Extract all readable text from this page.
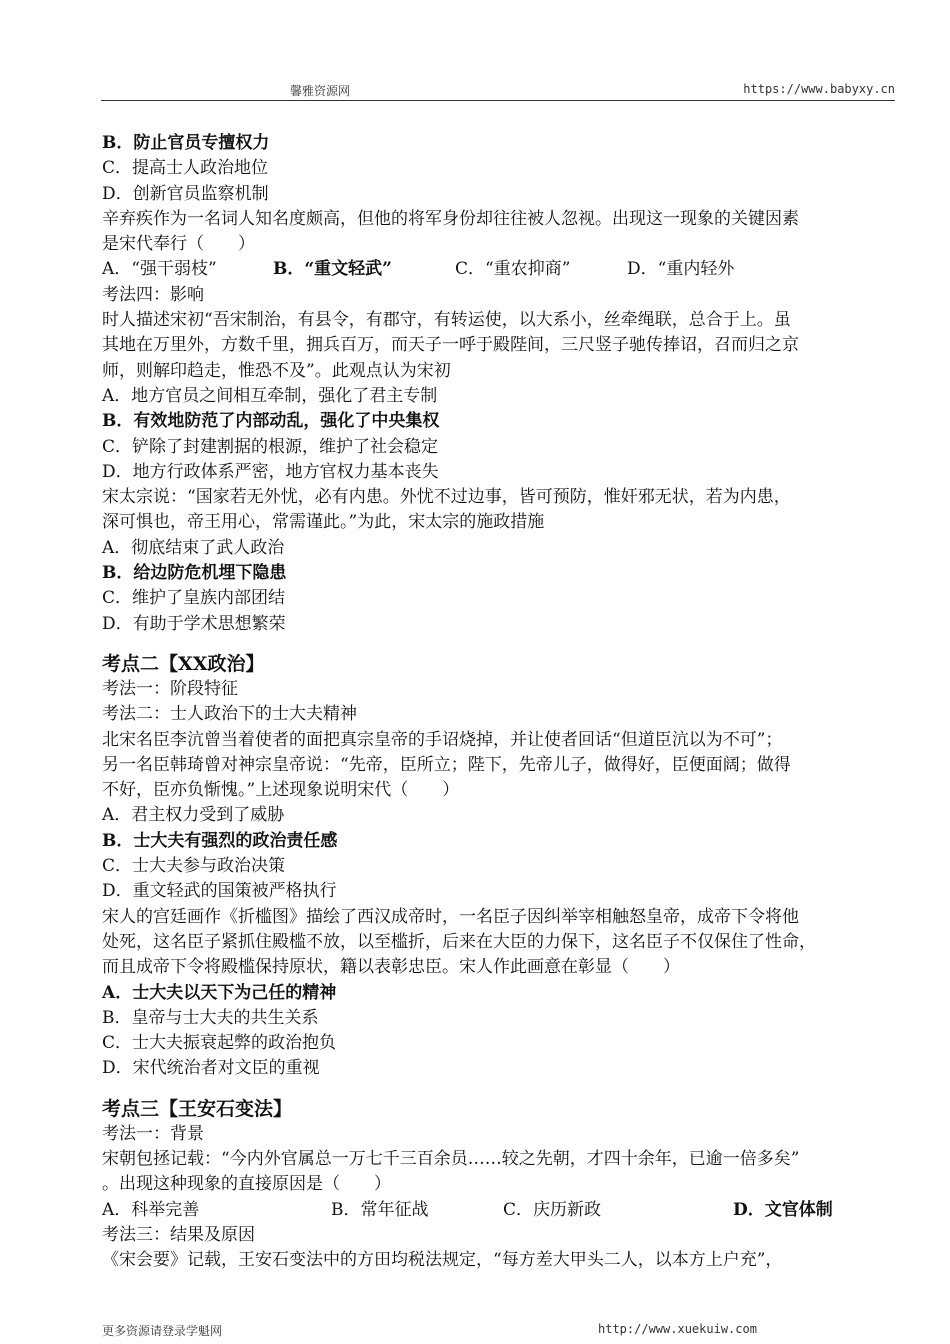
馨雅资源网	https://www.babyxy.cn
B．防止官员专擅权力
C．提高士人政治地位
D．创新官员监察机制
辛弃疾作为一名词人知名度颇高，但他的将军身份却往往被人忽视。出现这一现象的关键因素
是宋代奉行（　　）
A．“强干弱枝”	B．“重文轻武”	C．“重农抑商”	D．“重内轻外
考法四：影响
时人描述宋初“吾宋制治，有县令，有郡守，有转运使，以大系小，丝牵绳联，总合于上。虽
其地在万里外，方数千里，拥兵百万，而天子一呼于殿陛间，三尺竖子驰传捧诏，召而归之京
师，则解印趋走，惟恐不及”。此观点认为宋初
A．地方官员之间相互牵制，强化了君主专制
B．有效地防范了内部动乱，强化了中央集权
C．铲除了封建割据的根源，维护了社会稳定
D．地方行政体系严密，地方官权力基本丧失
宋太宗说：“国家若无外忧，必有内患。外忧不过边事，皆可预防，惟奸邪无状，若为内患，
深可惧也，帝王用心，常需谨此。”为此，宋太宗的施政措施
A．彻底结束了武人政治
B．给边防危机埋下隐患
C．维护了皇族内部团结
D．有助于学术思想繁荣
考点二【XX政治】
考法一：阶段特征
考法二：士人政治下的士大夫精神
北宋名臣李沆曾当着使者的面把真宗皇帝的手诏烧掉，并让使者回话“但道臣沆以为不可”；
另一名臣韩琦曾对神宗皇帝说：“先帝，臣所立；陛下，先帝儿子，做得好，臣便面阔；做得
不好，臣亦负惭愧。”上述现象说明宋代（　　）
A．君主权力受到了威胁
B．士大夫有强烈的政治责任感
C．士大夫参与政治决策
D．重文轻武的国策被严格执行
宋人的宫廷画作《折槛图》描绘了西汉成帝时，一名臣子因纠举宰相触怒皇帝，成帝下令将他
处死，这名臣子紧抓住殿槛不放，以至槛折，后来在大臣的力保下，这名臣子不仅保住了性命，
而且成帝下令将殿槛保持原状，籍以表彰忠臣。宋人作此画意在彰显（　　）
A．士大夫以天下为己任的精神
B．皇帝与士大夫的共生关系
C．士大夫振衰起弊的政治抱负
D．宋代统治者对文臣的重视
考点三【王安石变法】
考法一：背景
宋朝包拯记载：“今内外官属总一万七千三百余员……较之先朝，才四十余年，已逾一倍多矣”
。出现这种现象的直接原因是（　　）
A．科举完善	B．常年征战	C．庆历新政	D．文官体制
考法三：结果及原因
《宋会要》记载，王安石变法中的方田均税法规定，“每方差大甲头二人，以本方上户充”，
更多资源请登录学魁网	http://www.xuekuiw.com
